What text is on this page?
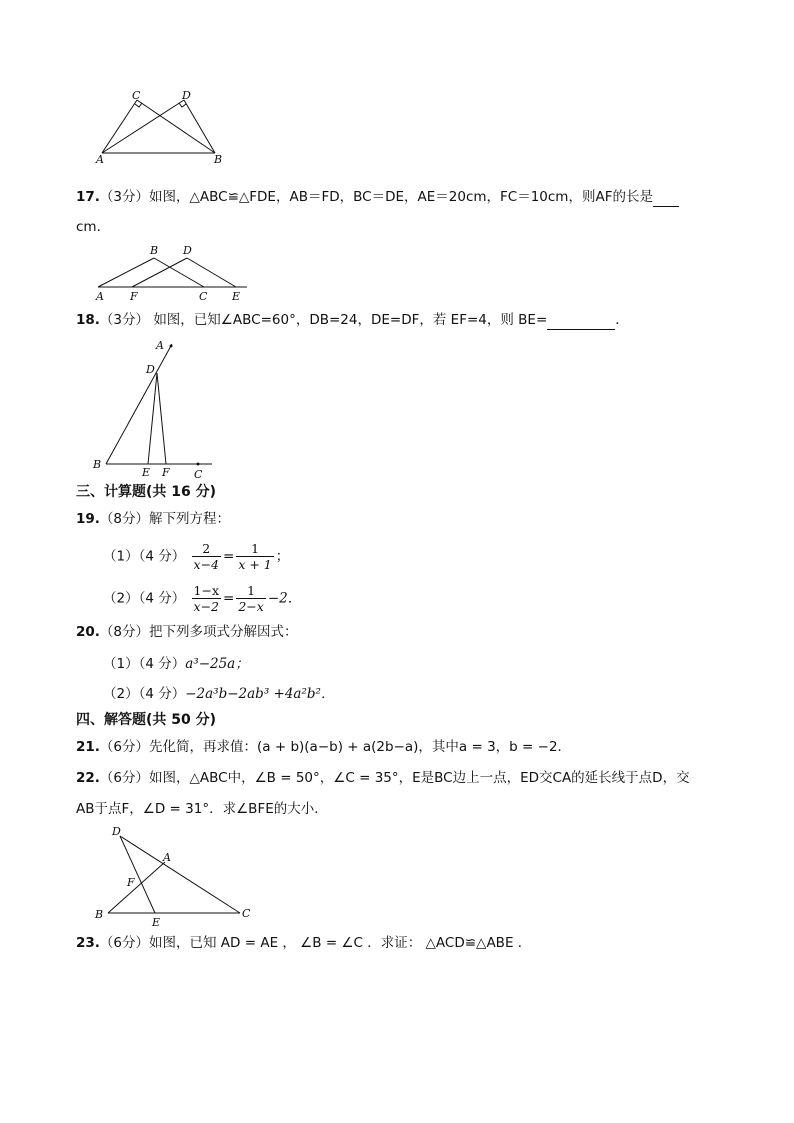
C	D
A	B
17.（3分）如图，△ABC≌△FDE，AB＝FD，BC＝DE，AE＝20cm，FC＝10cm，则AF的长是
cm．
B D
A F	C E
18.（3分） 如图，已知∠ABC=60°，DB=24，DE=DF，若 EF=4，则 BE=	．
A
D
B
E F C
三、计算题(共 16 分)
19.（8分）解下列方程：
（1）（4 分） $\frac{2}{x-4} = \frac{1}{x + 1}$ ；
（2）（4 分） $\frac{1-x}{x-2} = \frac{1}{2-x} -2$．
20.（8分）把下列多项式分解因式：
（1）（4 分）a³−25a；
（2）（4 分）−2a³b−2ab³ +4a²b²．
四、解答题(共 50 分)
21.（6分）先化简，再求值：(a + b)(a−b) + a(2b−a)，其中a = 3，b = −2．
22.（6分）如图，△ABC中，∠B = 50°，∠C = 35°，E是BC边上一点，ED交CA的延长线于点D，交
AB于点F，∠D = 31°．求∠BFE的大小．
D
A
F
B
E
C
23.（6分）如图，已知 AD = AE ， ∠B = ∠C ．求证： △ACD≌△ABE ．
